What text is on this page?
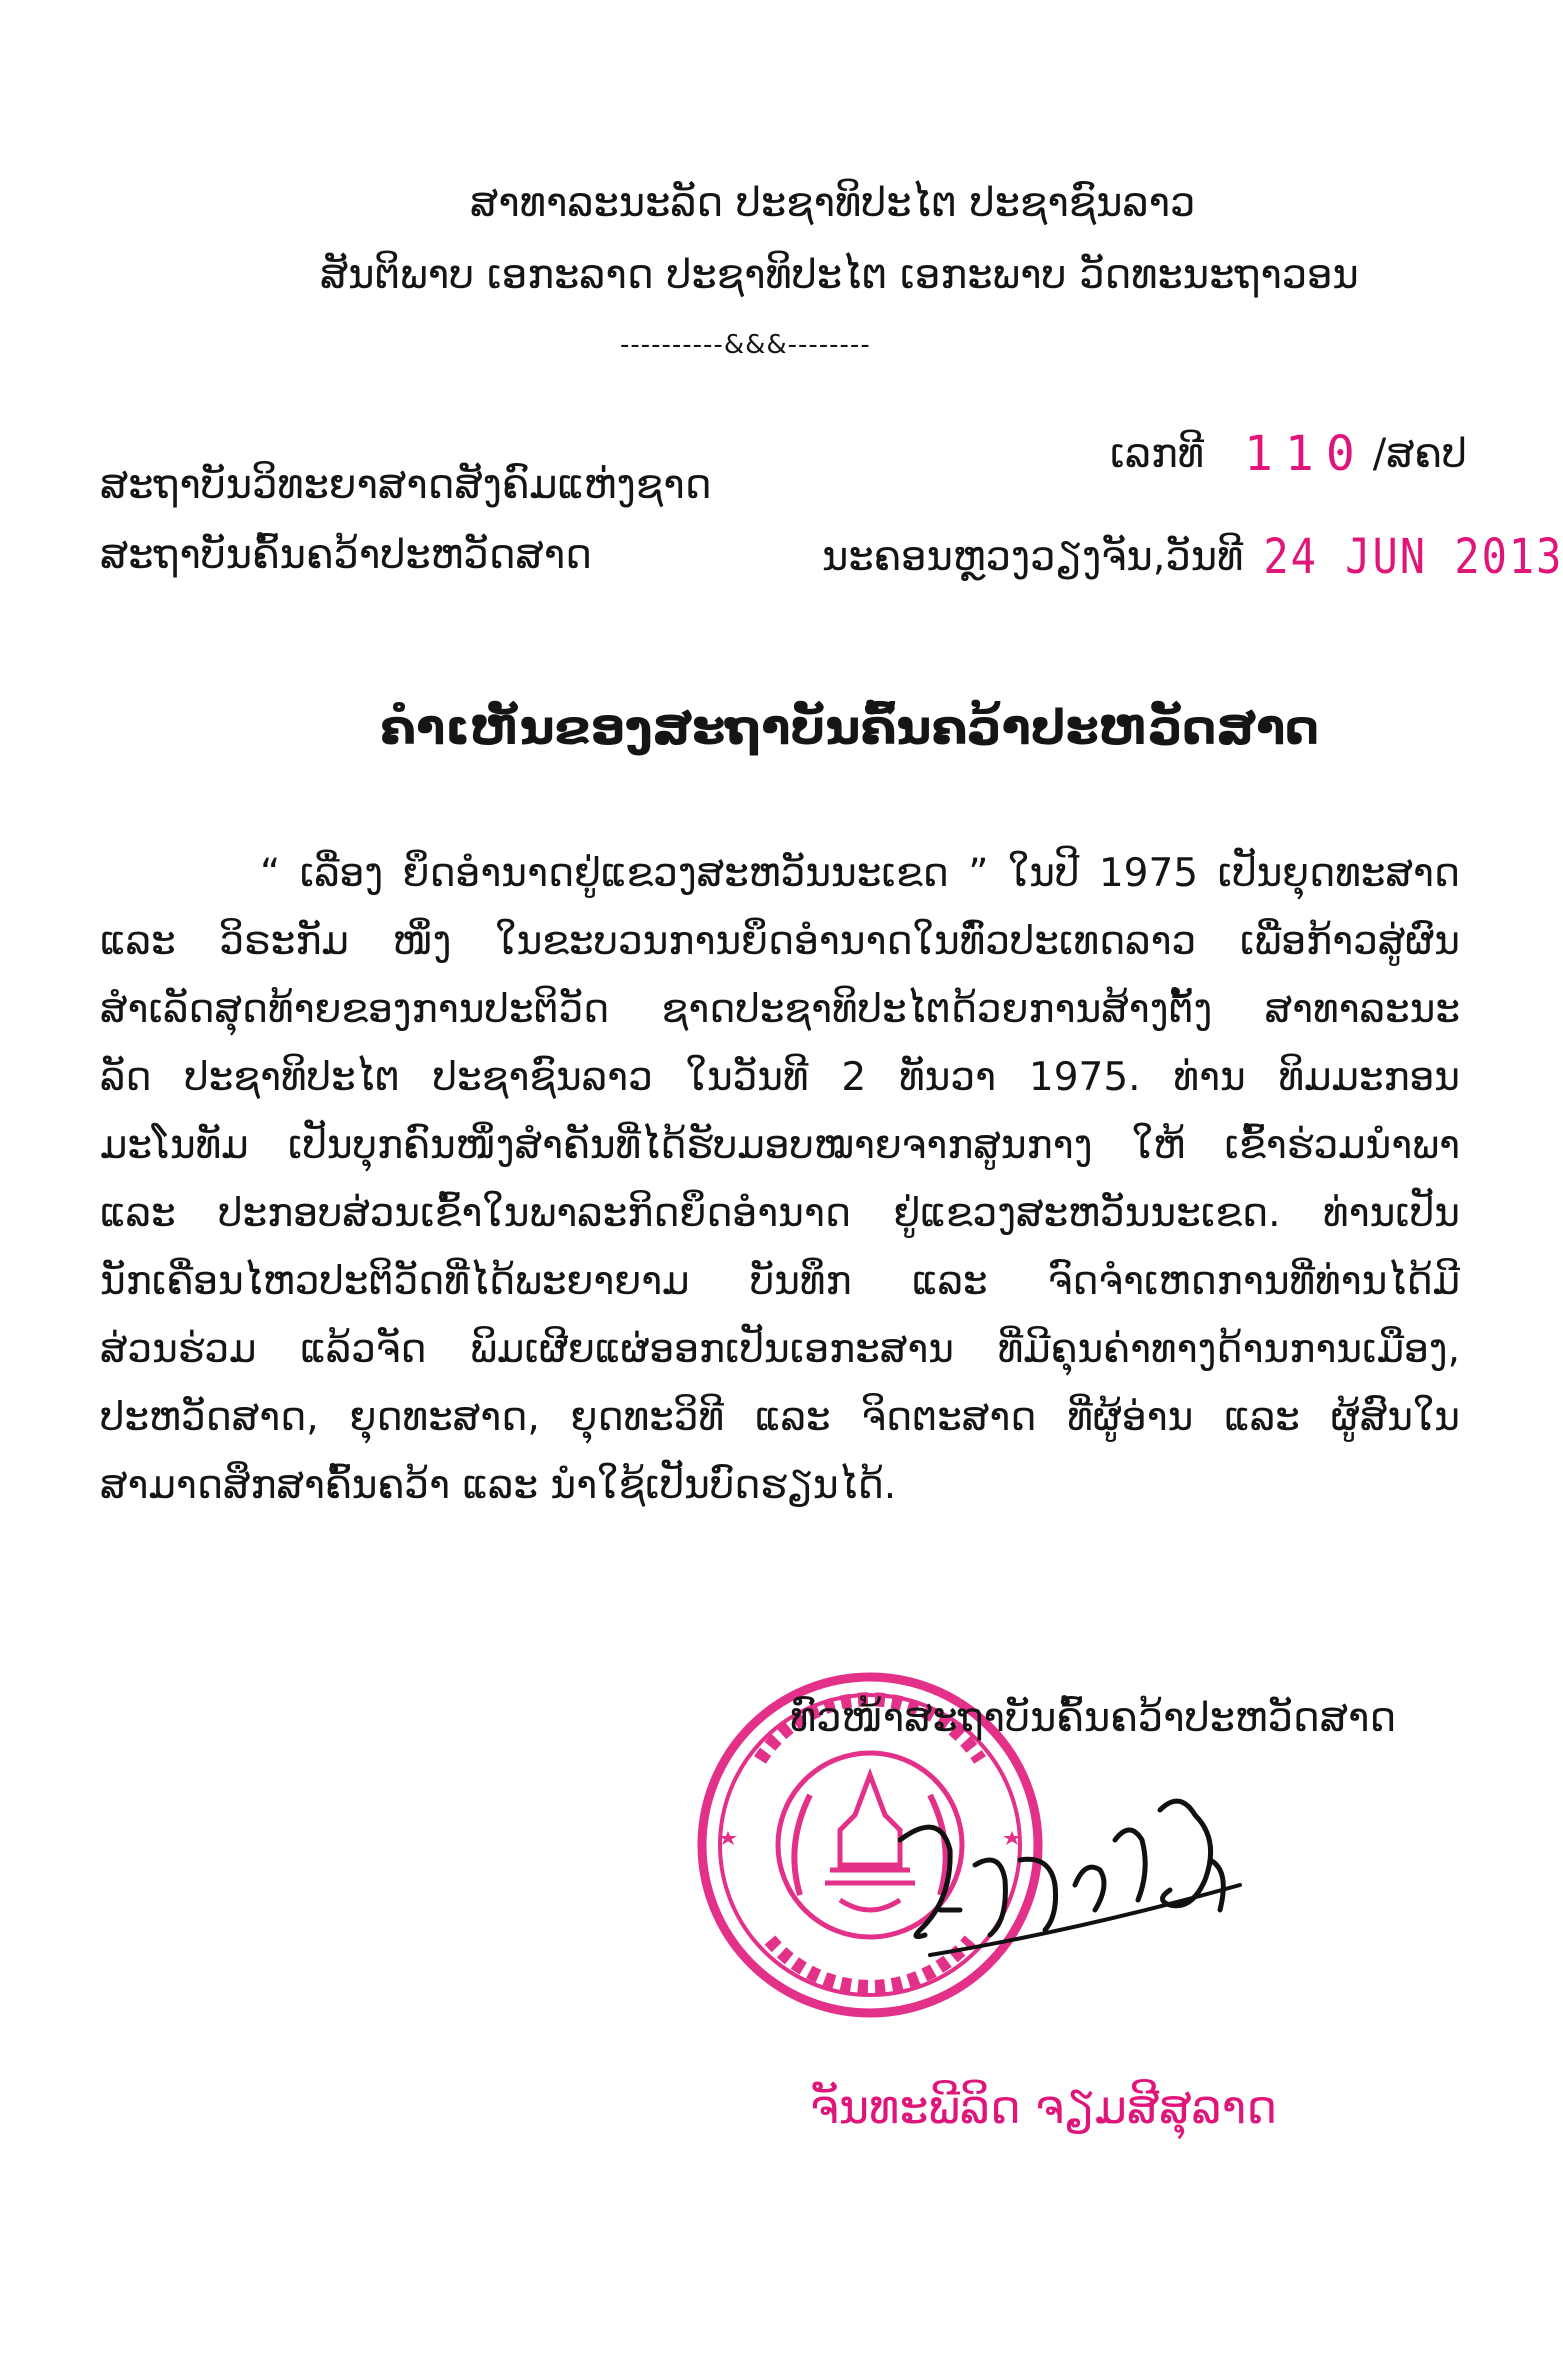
ສາທາລະນະລັດ ປະຊາທິປະໄຕ ປະຊາຊົນລາວ
ສັນຕິພາບ ເອກະລາດ ປະຊາທິປະໄຕ ເອກະພາບ ວັດທະນະຖາວອນ
----------&&&--------
ສະຖາບັນວິທະຍາສາດສັງຄົມແຫ່ງຊາດ
ສະຖາບັນຄົ້ນຄວ້າປະຫວັດສາດ
ເລກທີ 110 /ສຄປ
ນະຄອນຫຼວງວຽງຈັນ,ວັນທີ 24 JUN 2013
ຄຳເຫັນຂອງສະຖາບັນຄົ້ນຄວ້າປະຫວັດສາດ
“ ເລື່ອງ ຍຶດອຳນາດຢູ່ແຂວງສະຫວັນນະເຂດ ” ໃນປີ 1975 ເປັນຍຸດທະສາດ
ແລະ ວິຣະກັມ ໜຶ່ງ ໃນຂະບວນການຍຶດອຳນາດໃນທົ່ວປະເທດລາວ ເພື່ອກ້າວສູ່ຜົນ
ສຳເລັດສຸດທ້າຍຂອງການປະຕິວັດ ຊາດປະຊາທິປະໄຕດ້ວຍການສ້າງຕັ້ງ ສາທາລະນະ
ລັດ ປະຊາທິປະໄຕ ປະຊາຊົນລາວ ໃນວັນທີ 2 ທັນວາ 1975. ທ່ານ ທິມມະກອນ
ມະໂນທັມ ເປັນບຸກຄົນໜຶ່ງສຳຄັນທີ່ໄດ້ຮັບມອບໝາຍຈາກສູນກາງ ໃຫ້ ເຂົ້າຮ່ວມນຳພາ
ແລະ ປະກອບສ່ວນເຂົ້າໃນພາລະກິດຍຶດອຳນາດ ຢູ່ແຂວງສະຫວັນນະເຂດ. ທ່ານເປັນ
ນັກເຄື່ອນໄຫວປະຕິວັດທີ່ໄດ້ພະຍາຍາມ ບັນທຶກ ແລະ ຈົດຈຳເຫດການທີ່ທ່ານໄດ້ມີ
ສ່ວນຮ່ວມ ແລ້ວຈັດ ພິມເຜີຍແຜ່ອອກເປັນເອກະສານ ທີ່ມີຄຸນຄ່າທາງດ້ານການເມືອງ,
ປະຫວັດສາດ, ຍຸດທະສາດ, ຍຸດທະວິທີ ແລະ ຈິດຕະສາດ ທີ່ຜູ້ອ່ານ ແລະ ຜູ້ສົນໃນ
ສາມາດສຶກສາຄົ້ນຄວ້າ ແລະ ນຳໃຊ້ເປັນບົດຮຽນໄດ້.
ທົວໜ້າສະຖາບັນຄົ້ນຄວ້າປະຫວັດສາດ
ຈັນທະພີລິດ ຈຽມສີສຸລາດ
